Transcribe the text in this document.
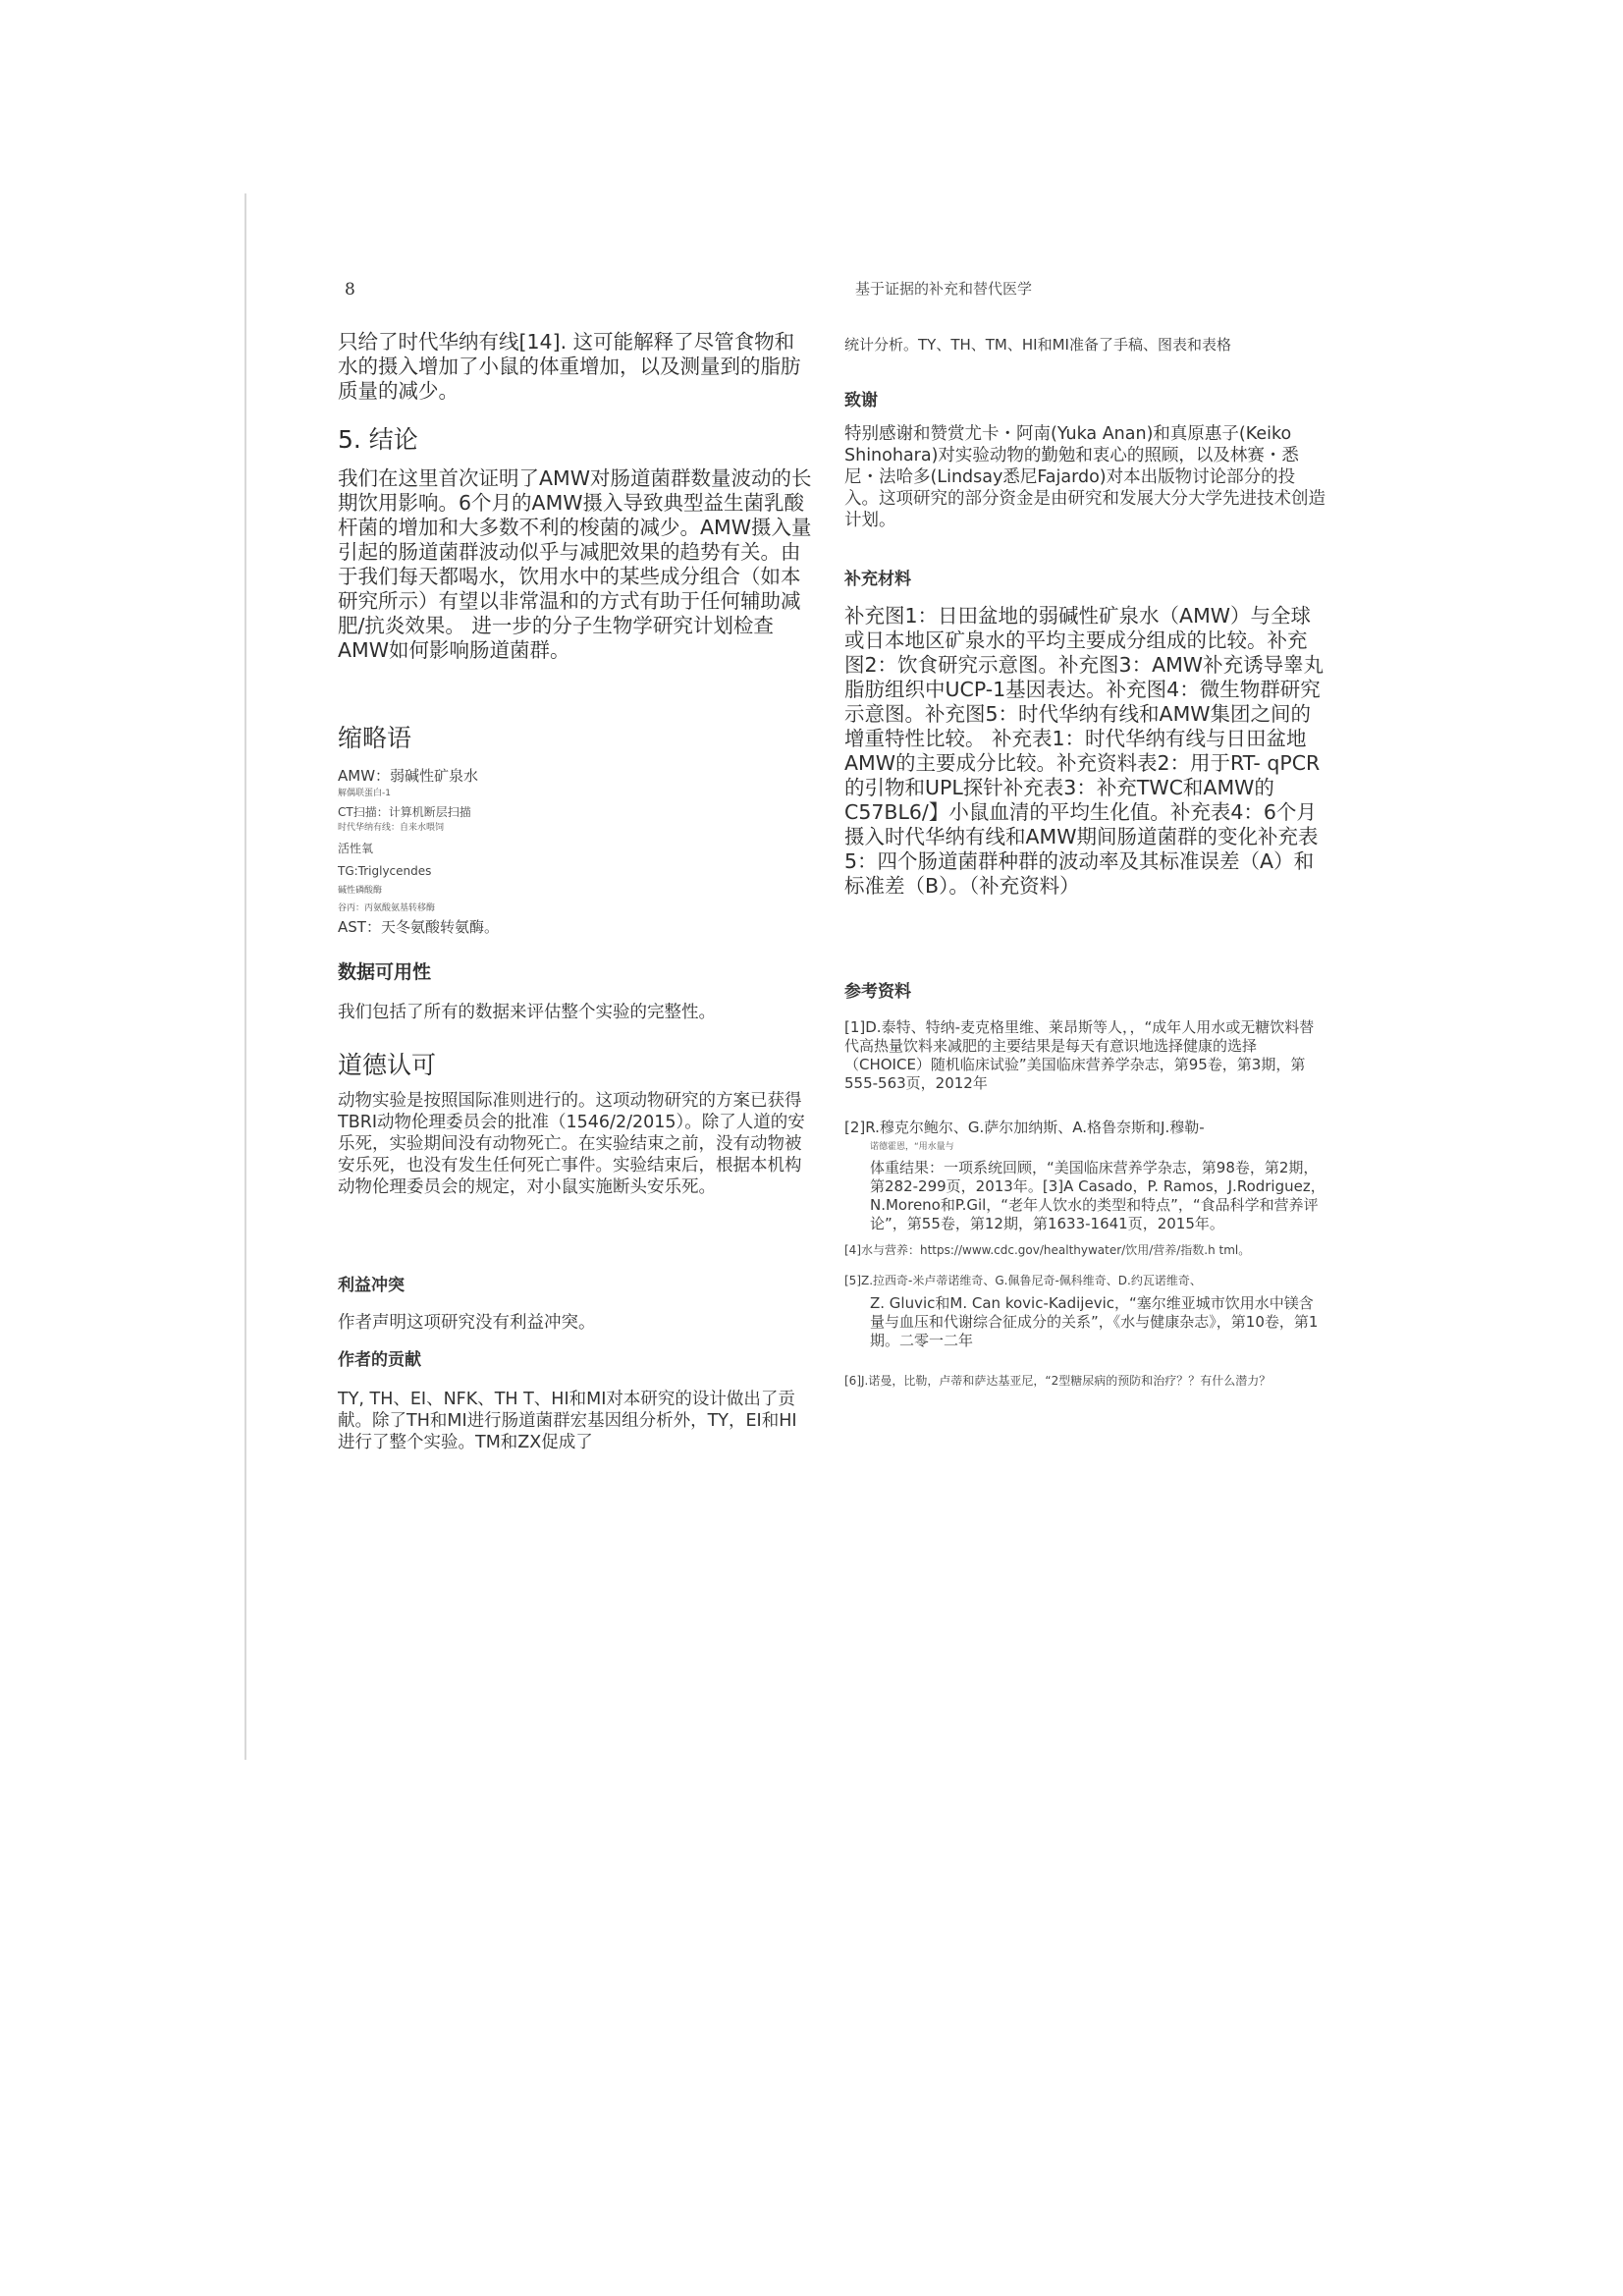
8	基于证据的补充和替代医学

只给了时代华纳有线[14]. 这可能解释了尽管食物和水的摄入增加了小鼠的体重增加，以及测量到的脂肪质量的减少。

5. 结论

我们在这里首次证明了AMW对肠道菌群数量波动的长期饮用影响。6个月的AMW摄入导致典型益生菌乳酸杆菌的增加和大多数不利的梭菌的减少。AMW摄入量引起的肠道菌群波动似乎与减肥效果的趋势有关。由于我们每天都喝水，饮用水中的某些成分组合（如本研究所示）有望以非常温和的方式有助于任何辅助减肥/抗炎效果。 进一步的分子生物学研究计划检查AMW如何影响肠道菌群。

缩略语
AMW：弱碱性矿泉水
解偶联蛋白-1
CT扫描：计算机断层扫描
时代华纳有线：自来水喂饲
活性氧
TG:Triglycendes
碱性磷酸酶
谷丙：丙氨酸氨基转移酶
AST：天冬氨酸转氨酶。
数据可用性

我们包括了所有的数据来评估整个实验的完整性。

道德认可

动物实验是按照国际准则进行的。这项动物研究的方案已获得TBRI动物伦理委员会的批准（1546/2/2015）。除了人道的安乐死，实验期间没有动物死亡。在实验结束之前，没有动物被安乐死，也没有发生任何死亡事件。实验结束后，根据本机构动物伦理委员会的规定，对小鼠实施断头安乐死。

利益冲突

作者声明这项研究没有利益冲突。

作者的贡献

TY, TH、EI、NFK、TH T、HI和MI对本研究的设计做出了贡献。除了TH和MI进行肠道菌群宏基因组分析外，TY，EI和HI进行了整个实验。TM和ZX促成了

统计分析。TY、TH、TM、HI和MI准备了手稿、图表和表格

致谢

特别感谢和赞赏尤卡・阿南(Yuka Anan)和真原惠子(Keiko Shinohara)对实验动物的勤勉和衷心的照顾，以及林赛・悉尼・法哈多(Lindsay悉尼Fajardo)对本出版物讨论部分的投入。这项研究的部分资金是由研究和发展大分大学先进技术创造计划。

补充材料

补充图1：日田盆地的弱碱性矿泉水（AMW）与全球或日本地区矿泉水的平均主要成分组成的比较。补充图2：饮食研究示意图。补充图3：AMW补充诱导睾丸脂肪组织中UCP-1基因表达。补充图4：微生物群研究示意图。补充图5：时代华纳有线和AMW集团之间的增重特性比较。 补充表1：时代华纳有线与日田盆地AMW的主要成分比较。补充资料表2：用于RT- qPCR的引物和UPL探针补充表3：补充TWC和AMW的C57BL6/】小鼠血清的平均生化值。补充表4：6个月摄入时代华纳有线和AMW期间肠道菌群的变化补充表5：四个肠道菌群种群的波动率及其标准误差（A）和标准差（B）。（补充资料）

参考资料

[1]D.泰特、特纳-麦克格里维、莱昂斯等人，，“成年人用水或无糖饮料替代高热量饮料来减肥的主要结果是每天有意识地选择健康的选择（CHOICE）随机临床试验”美国临床营养学杂志，第95卷，第3期，第555-563页，2012年

[2]R.穆克尔鲍尔、G.萨尔加纳斯、A.格鲁奈斯和J.穆勒-

诺德霍恩，“用水量与

体重结果：一项系统回顾，“美国临床营养学杂志，第98卷，第2期，第282-299页，2013年。[3]A Casado，P. Ramos，J.Rodriguez，N.Moreno和P.Gil，“老年人饮水的类型和特点”，“食品科学和营养评论”，第55卷，第12期，第1633-1641页，2015年。

[4]水与营养：https://www.cdc.gov/healthywater/饮用/营养/指数.h tml。

[5]Z.拉西奇-米卢蒂诺维奇、G.佩鲁尼奇-佩科维奇、D.约瓦诺维奇、

Z. Gluvic和M. Can kovic-Kadijevic，“塞尔维亚城市饮用水中镁含量与血压和代谢综合征成分的关系”，《水与健康杂志》，第10卷，第1期。二零一二年

[6]J.诺曼，比勒，卢蒂和萨达基亚尼，“2型糖尿病的预防和治疗？？有什么潜力？
